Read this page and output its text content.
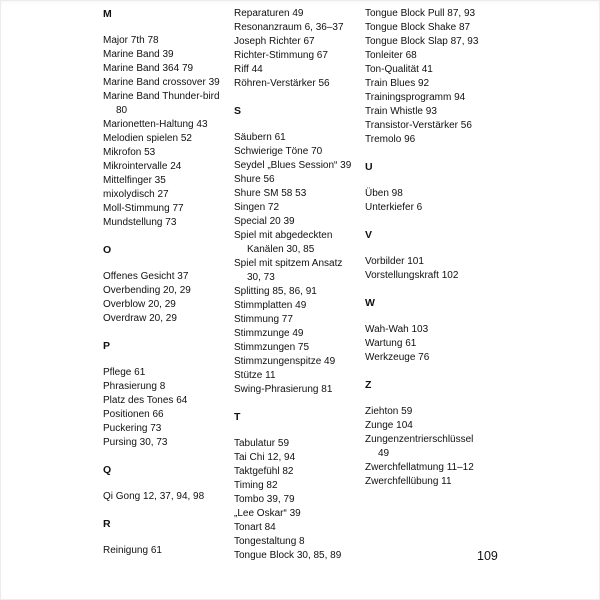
M
Major 7th 78
Marine Band 39
Marine Band 364 79
Marine Band crossover 39
Marine Band Thunder-bird 80
Marionetten-Haltung 43
Melodien spielen 52
Mikrofon 53
Mikrointervalle 24
Mittelfinger 35
mixolydisch 27
Moll-Stimmung 77
Mundstellung 73
O
Offenes Gesicht 37
Overbending 20, 29
Overblow 20, 29
Overdraw 20, 29
P
Pflege 61
Phrasierung 8
Platz des Tones 64
Positionen 66
Puckering 73
Pursing 30, 73
Q
Qi Gong 12, 37, 94, 98
R
Reinigung 61
Reparaturen 49
Resonanzraum 6, 36–37
Joseph Richter 67
Richter-Stimmung 67
Riff 44
Röhren-Verstärker 56
S
Säubern 61
Schwierige Töne 70
Seydel „Blues Session“ 39
Shure 56
Shure SM 58 53
Singen 72
Special 20 39
Spiel mit abgedeckten Kanälen 30, 85
Spiel mit spitzem Ansatz 30, 73
Splitting 85, 86, 91
Stimmplatten 49
Stimmung 77
Stimmzunge 49
Stimmzungen 75
Stimmzungenspitze 49
Stütze 11
Swing-Phrasierung 81
T
Tabulatur 59
Tai Chi 12, 94
Taktgefühl 82
Timing 82
Tombo 39, 79
„Lee Oskar“ 39
Tonart 84
Tongestaltung 8
Tongue Block 30, 85, 89
Tongue Block Pull 87, 93
Tongue Block Shake 87
Tongue Block Slap 87, 93
Tonleiter 68
Ton-Qualität 41
Train Blues 92
Trainingsprogramm 94
Train Whistle 93
Transistor-Verstärker 56
Tremolo 96
U
Üben 98
Unterkiefer 6
V
Vorbilder 101
Vorstellungskraft 102
W
Wah-Wah 103
Wartung 61
Werkzeuge 76
Z
Ziehton 59
Zunge 104
Zungenzentrierschlüssel 49
Zwerchfellatmung 11–12
Zwerchfellübung 11
109
